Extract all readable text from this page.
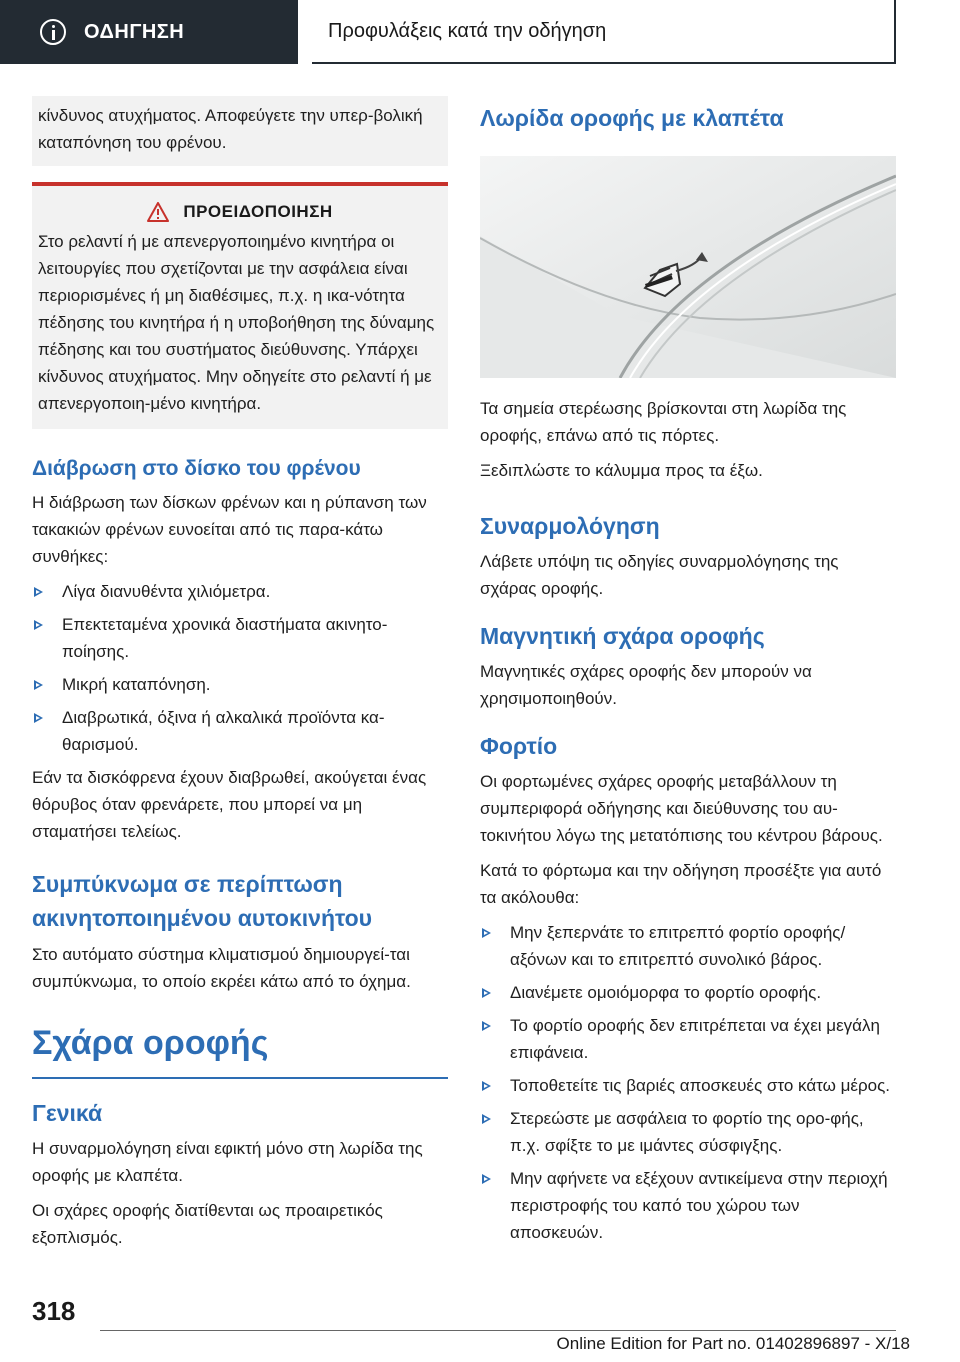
ΟΔΗΓΗΣΗ	Προφυλάξεις κατά την οδήγηση

κίνδυνος ατυχήματος. Αποφεύγετε την υπερ-βολική καταπόνηση του φρένου.

ΠΡΟΕΙΔΟΠΟΙΗΣΗ

Στο ρελαντί ή με απενεργοποιημένο κινητήρα οι λειτουργίες που σχετίζονται με την ασφάλεια είναι περιορισμένες ή μη διαθέσιμες, π.χ. η ικα-νότητα πέδησης του κινητήρα ή η υποβοήθηση της δύναμης πέδησης και του συστήματος διεύθυνσης. Υπάρχει κίνδυνος ατυχήματος. Μην οδηγείτε στο ρελαντί ή με απενεργοποιη-μένο κινητήρα.

Διάβρωση στο δίσκο του φρένου

Η διάβρωση των δίσκων φρένων και η ρύπανση των τακακιών φρένων ευνοείται από τις παρα-κάτω συνθήκες:

Λίγα διανυθέντα χιλιόμετρα.
Επεκτεταμένα χρονικά διαστήματα ακινητο-ποίησης.
Μικρή καταπόνηση.
Διαβρωτικά, όξινα ή αλκαλικά προϊόντα κα-θαρισμού.

Εάν τα δισκόφρενα έχουν διαβρωθεί, ακούγεται ένας θόρυβος όταν φρενάρετε, που μπορεί να μη σταματήσει τελείως.

Συμπύκνωμα σε περίπτωση ακινητοποιημένου αυτοκινήτου

Στο αυτόματο σύστημα κλιματισμού δημιουργεί-ται συμπύκνωμα, το οποίο εκρέει κάτω από το όχημα.

Σχάρα οροφής
Γενικά

Η συναρμολόγηση είναι εφικτή μόνο στη λωρίδα της οροφής με κλαπέτα.

Οι σχάρες οροφής διατίθενται ως προαιρετικός εξοπλισμός.

Λωρίδα οροφής με κλαπέτα

Τα σημεία στερέωσης βρίσκονται στη λωρίδα της οροφής, επάνω από τις πόρτες.

Ξεδιπλώστε το κάλυμμα προς τα έξω.

Συναρμολόγηση

Λάβετε υπόψη τις οδηγίες συναρμολόγησης της σχάρας οροφής.

Μαγνητική σχάρα οροφής

Μαγνητικές σχάρες οροφής δεν μπορούν να χρησιμοποιηθούν.

Φορτίο

Οι φορτωμένες σχάρες οροφής μεταβάλλουν τη συμπεριφορά οδήγησης και διεύθυνσης του αυ-τοκινήτου λόγω της μετατόπισης του κέντρου βάρους.

Κατά το φόρτωμα και την οδήγηση προσέξτε για αυτό τα ακόλουθα:

Μην ξεπερνάτε το επιτρεπτό φορτίο οροφής/ αξόνων και το επιτρεπτό συνολικό βάρος.
Διανέμετε ομοιόμορφα το φορτίο οροφής.
Το φορτίο οροφής δεν επιτρέπεται να έχει μεγάλη επιφάνεια.
Τοποθετείτε τις βαριές αποσκευές στο κάτω μέρος.
Στερεώστε με ασφάλεια το φορτίο της ορο-φής, π.χ. σφίξτε το με ιμάντες σύσφιγξης.
Μην αφήνετε να εξέχουν αντικείμενα στην περιοχή περιστροφής του καπό του χώρου των αποσκευών.
318
Online Edition for Part no. 01402896897 - X/18
